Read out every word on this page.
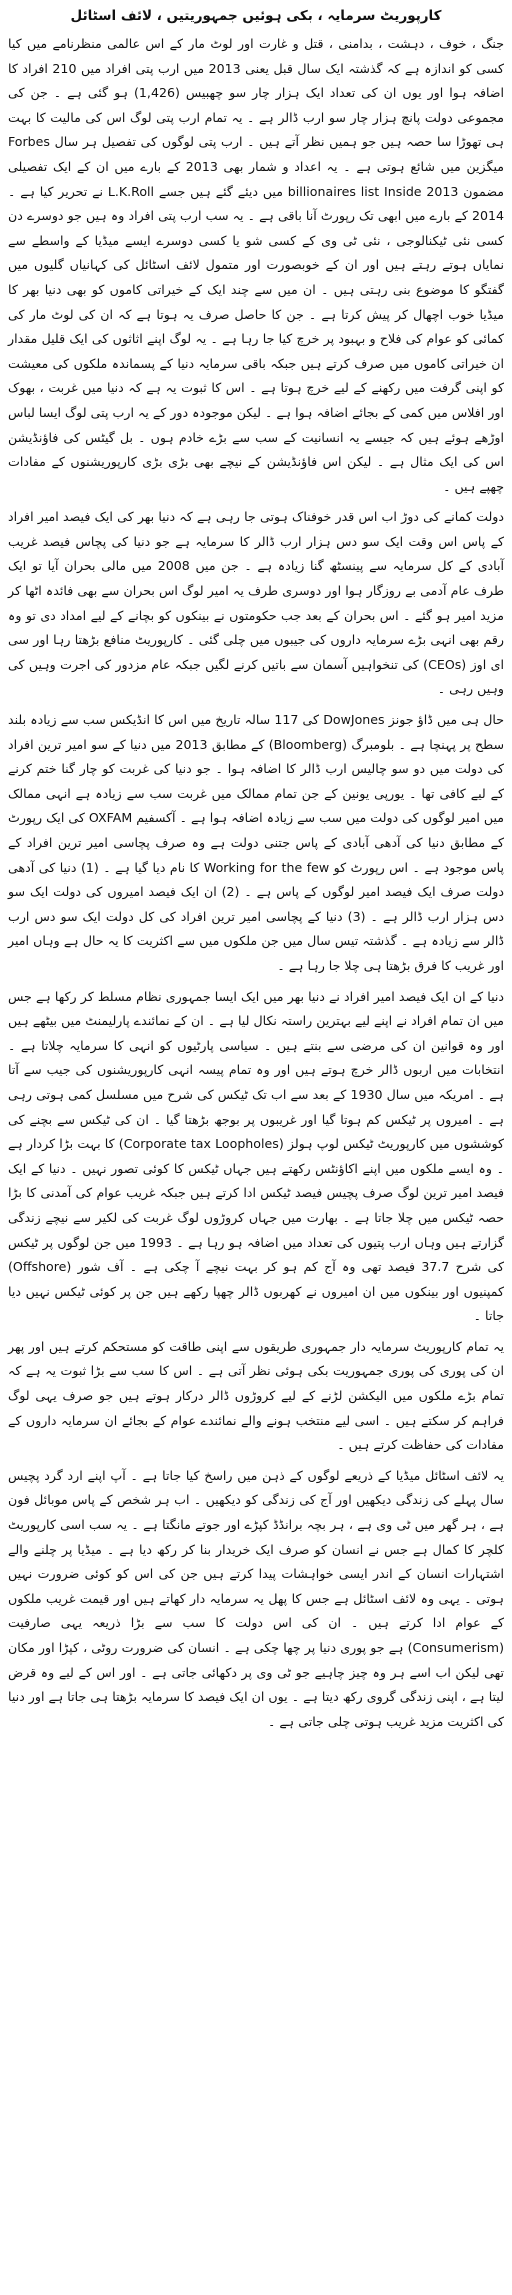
کارپوریٹ سرمایہ ، بکی ہوئیں جمہوریتیں ، لائف اسٹائل

جنگ ، خوف ، دہشت ، بدامنی ، قتل و غارت اور لوٹ مار کے اس عالمی منظرنامے میں کیا کسی کو اندازہ ہے کہ گذشتہ ایک سال قبل یعنی 2013 میں ارب پتی افراد میں 210 افراد کا اضافہ ہوا اور یوں ان کی تعداد ایک ہزار چار سو چھبیس (1,426) ہو گئی ہے ۔ جن کی مجموعی دولت پانچ ہزار چار سو ارب ڈالر ہے ۔ یہ تمام ارب پتی لوگ اس کی مالیت کا بہت ہی تھوڑا سا حصہ ہیں جو ہمیں نظر آتے ہیں ۔ ارب پتی لوگوں کی تفصیل ہر سال Forbes میگزین میں شائع ہوتی ہے ۔ یہ اعداد و شمار بھی 2013 کے بارے میں ان کے ایک تفصیلی مضمون billionaires list Inside 2013 میں دیئے گئے ہیں جسے L.K.Roll نے تحریر کیا ہے ۔ 2014 کے بارے میں ابھی تک رپورٹ آنا باقی ہے ۔ یہ سب ارب پتی افراد وہ ہیں جو دوسرے دن کسی نئی ٹیکنالوجی ، نئی ٹی وی کے کسی شو یا کسی دوسرے ایسے میڈیا کے واسطے سے نمایاں ہوتے رہتے ہیں اور ان کے خوبصورت اور متمول لائف اسٹائل کی کہانیاں گلیوں میں گفتگو کا موضوع بنی رہتی ہیں ۔ ان میں سے چند ایک کے خیراتی کاموں کو بھی دنیا بھر کا میڈیا خوب اچھال کر پیش کرتا ہے ۔ جن کا حاصل صرف یہ ہوتا ہے کہ ان کی لوٹ مار کی کمائی کو عوام کی فلاح و بہبود پر خرچ کیا جا رہا ہے ۔ یہ لوگ اپنے اثاثوں کی ایک قلیل مقدار ان خیراتی کاموں میں صرف کرتے ہیں جبکہ باقی سرمایہ دنیا کے پسماندہ ملکوں کی معیشت کو اپنی گرفت میں رکھنے کے لیے خرچ ہوتا ہے ۔ اس کا ثبوت یہ ہے کہ دنیا میں غربت ، بھوک اور افلاس میں کمی کے بجائے اضافہ ہوا ہے ۔ لیکن موجودہ دور کے یہ ارب پتی لوگ ایسا لباس اوڑھے ہوئے ہیں کہ جیسے یہ انسانیت کے سب سے بڑے خادم ہوں ۔ بل گیٹس کی فاؤنڈیشن اس کی ایک مثال ہے ۔ لیکن اس فاؤنڈیشن کے نیچے بھی بڑی بڑی کارپوریشنوں کے مفادات چھپے ہیں ۔

دولت کمانے کی دوڑ اب اس قدر خوفناک ہوتی جا رہی ہے کہ دنیا بھر کی ایک فیصد امیر افراد کے پاس اس وقت ایک سو دس ہزار ارب ڈالر کا سرمایہ ہے جو دنیا کی پچاس فیصد غریب آبادی کے کل سرمایہ سے پینسٹھ گنا زیادہ ہے ۔ جن میں 2008 میں مالی بحران آیا تو ایک طرف عام آدمی بے روزگار ہوا اور دوسری طرف یہ امیر لوگ اس بحران سے بھی فائدہ اٹھا کر مزید امیر ہو گئے ۔ اس بحران کے بعد جب حکومتوں نے بینکوں کو بچانے کے لیے امداد دی تو وہ رقم بھی انہی بڑے سرمایہ داروں کی جیبوں میں چلی گئی ۔ کارپوریٹ منافع بڑھتا رہا اور سی ای اوز (CEOs) کی تنخواہیں آسمان سے باتیں کرنے لگیں جبکہ عام مزدور کی اجرت وہیں کی وہیں رہی ۔

حال ہی میں ڈاؤ جونز DowJones کی 117 سالہ تاریخ میں اس کا انڈیکس سب سے زیادہ بلند سطح پر پہنچا ہے ۔ بلومبرگ (Bloomberg) کے مطابق 2013 میں دنیا کے سو امیر ترین افراد کی دولت میں دو سو چالیس ارب ڈالر کا اضافہ ہوا ۔ جو دنیا کی غربت کو چار گنا ختم کرنے کے لیے کافی تھا ۔ یورپی یونین کے جن تمام ممالک میں غربت سب سے زیادہ ہے انہی ممالک میں امیر لوگوں کی دولت میں سب سے زیادہ اضافہ ہوا ہے ۔ آکسفیم OXFAM کی ایک رپورٹ کے مطابق دنیا کی آدھی آبادی کے پاس جتنی دولت ہے وہ صرف پچاسی امیر ترین افراد کے پاس موجود ہے ۔ اس رپورٹ کو Working for the few کا نام دیا گیا ہے ۔ (1) دنیا کی آدھی دولت صرف ایک فیصد امیر لوگوں کے پاس ہے ۔ (2) ان ایک فیصد امیروں کی دولت ایک سو دس ہزار ارب ڈالر ہے ۔ (3) دنیا کے پچاسی امیر ترین افراد کی کل دولت ایک سو دس ارب ڈالر سے زیادہ ہے ۔ گذشتہ تیس سال میں جن ملکوں میں سے اکثریت کا یہ حال ہے وہاں امیر اور غریب کا فرق بڑھتا ہی چلا جا رہا ہے ۔

دنیا کے ان ایک فیصد امیر افراد نے دنیا بھر میں ایک ایسا جمہوری نظام مسلط کر رکھا ہے جس میں ان تمام افراد نے اپنے لیے بہترین راستہ نکال لیا ہے ۔ ان کے نمائندے پارلیمنٹ میں بیٹھے ہیں اور وہ قوانین ان کی مرضی سے بنتے ہیں ۔ سیاسی پارٹیوں کو انہی کا سرمایہ چلاتا ہے ۔ انتخابات میں اربوں ڈالر خرچ ہوتے ہیں اور وہ تمام پیسہ انہی کارپوریشنوں کی جیب سے آتا ہے ۔ امریکہ میں سال 1930 کے بعد سے اب تک ٹیکس کی شرح میں مسلسل کمی ہوتی رہی ہے ۔ امیروں پر ٹیکس کم ہوتا گیا اور غریبوں پر بوجھ بڑھتا گیا ۔ ان کی ٹیکس سے بچنے کی کوششوں میں کارپوریٹ ٹیکس لوپ ہولز (Corporate tax Loopholes) کا بہت بڑا کردار ہے ۔ وہ ایسے ملکوں میں اپنے اکاؤنٹس رکھتے ہیں جہاں ٹیکس کا کوئی تصور نہیں ۔ دنیا کے ایک فیصد امیر ترین لوگ صرف پچیس فیصد ٹیکس ادا کرتے ہیں جبکہ غریب عوام کی آمدنی کا بڑا حصہ ٹیکس میں چلا جاتا ہے ۔ بھارت میں جہاں کروڑوں لوگ غربت کی لکیر سے نیچے زندگی گزارتے ہیں وہاں ارب پتیوں کی تعداد میں اضافہ ہو رہا ہے ۔ 1993 میں جن لوگوں پر ٹیکس کی شرح 37.7 فیصد تھی وہ آج کم ہو کر بہت نیچے آ چکی ہے ۔ آف شور (Offshore) کمپنیوں اور بینکوں میں ان امیروں نے کھربوں ڈالر چھپا رکھے ہیں جن پر کوئی ٹیکس نہیں دیا جاتا ۔

یہ تمام کارپوریٹ سرمایہ دار جمہوری طریقوں سے اپنی طاقت کو مستحکم کرتے ہیں اور پھر ان کی پوری کی پوری جمہوریت بکی ہوئی نظر آتی ہے ۔ اس کا سب سے بڑا ثبوت یہ ہے کہ تمام بڑے ملکوں میں الیکشن لڑنے کے لیے کروڑوں ڈالر درکار ہوتے ہیں جو صرف یہی لوگ فراہم کر سکتے ہیں ۔ اسی لیے منتخب ہونے والے نمائندے عوام کے بجائے ان سرمایہ داروں کے مفادات کی حفاظت کرتے ہیں ۔

یہ لائف اسٹائل میڈیا کے ذریعے لوگوں کے ذہن میں راسخ کیا جاتا ہے ۔ آپ اپنے ارد گرد پچیس سال پہلے کی زندگی دیکھیں اور آج کی زندگی کو دیکھیں ۔ اب ہر شخص کے پاس موبائل فون ہے ، ہر گھر میں ٹی وی ہے ، ہر بچہ برانڈڈ کپڑے اور جوتے مانگتا ہے ۔ یہ سب اسی کارپوریٹ کلچر کا کمال ہے جس نے انسان کو صرف ایک خریدار بنا کر رکھ دیا ہے ۔ میڈیا پر چلنے والے اشتہارات انسان کے اندر ایسی خواہشات پیدا کرتے ہیں جن کی اس کو کوئی ضرورت نہیں ہوتی ۔ یہی وہ لائف اسٹائل ہے جس کا پھل یہ سرمایہ دار کھاتے ہیں اور قیمت غریب ملکوں کے عوام ادا کرتے ہیں ۔ ان کی اس دولت کا سب سے بڑا ذریعہ یہی صارفیت (Consumerism) ہے جو پوری دنیا پر چھا چکی ہے ۔ انسان کی ضرورت روٹی ، کپڑا اور مکان تھی لیکن اب اسے ہر وہ چیز چاہیے جو ٹی وی پر دکھائی جاتی ہے ۔ اور اس کے لیے وہ قرض لیتا ہے ، اپنی زندگی گروی رکھ دیتا ہے ۔ یوں ان ایک فیصد کا سرمایہ بڑھتا ہی جاتا ہے اور دنیا کی اکثریت مزید غریب ہوتی چلی جاتی ہے ۔
